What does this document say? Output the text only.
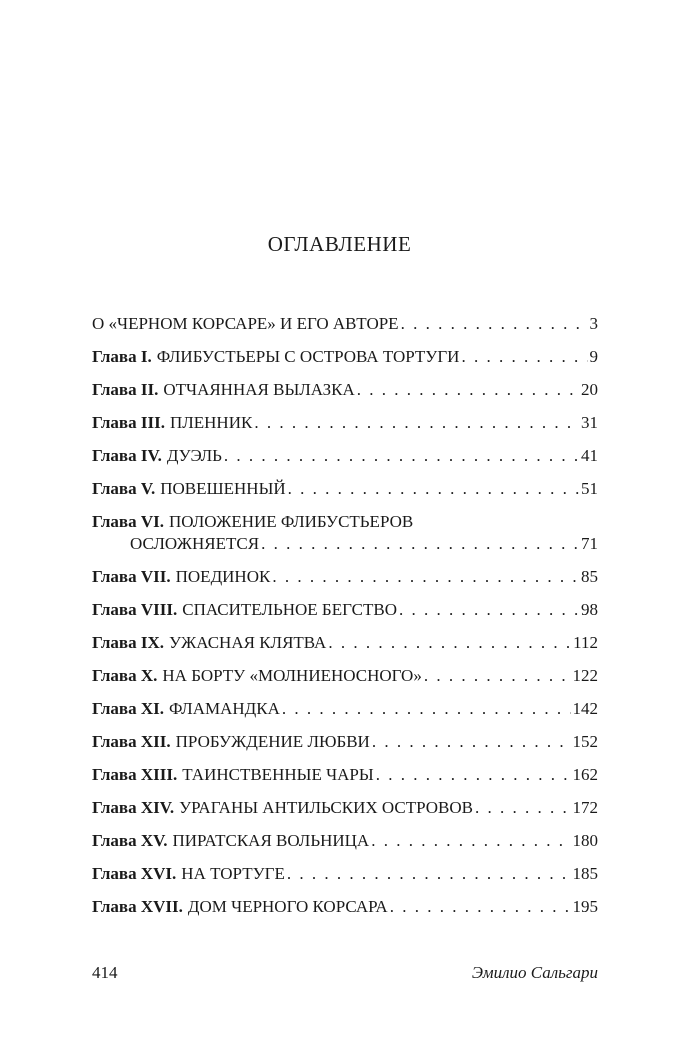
ОГЛАВЛЕНИЕ
О «ЧЕРНОМ КОРСАРЕ» И ЕГО АВТОРЕ . . .	3
Глава I. ФЛИБУСТЬЕРЫ С ОСТРОВА ТОРТУГИ . . .	9
Глава II. ОТЧАЯННАЯ ВЫЛАЗКА . . .	20
Глава III. ПЛЕННИК . . .	31
Глава IV. ДУЭЛЬ . . .	41
Глава V. ПОВЕШЕННЫЙ . . .	51
Глава VI. ПОЛОЖЕНИЕ ФЛИБУСТЬЕРОВ
ОСЛОЖНЯЕТСЯ . . .	71
Глава VII. ПОЕДИНОК . . .	85
Глава VIII. СПАСИТЕЛЬНОЕ БЕГСТВО . . .	98
Глава IX. УЖАСНАЯ КЛЯТВА . . .	112
Глава X. НА БОРТУ «МОЛНИЕНОСНОГО» . . .	122
Глава XI. ФЛАМАНДКА . . .	142
Глава XII. ПРОБУЖДЕНИЕ ЛЮБВИ . . .	152
Глава XIII. ТАИНСТВЕННЫЕ ЧАРЫ . . .	162
Глава XIV. УРАГАНЫ АНТИЛЬСКИХ ОСТРОВОВ . . .	172
Глава XV. ПИРАТСКАЯ ВОЛЬНИЦА . . .	180
Глава XVI. НА ТОРТУГЕ . . .	185
Глава XVII. ДОМ ЧЕРНОГО КОРСАРА . . .	195
414	Эмилио Сальгари
